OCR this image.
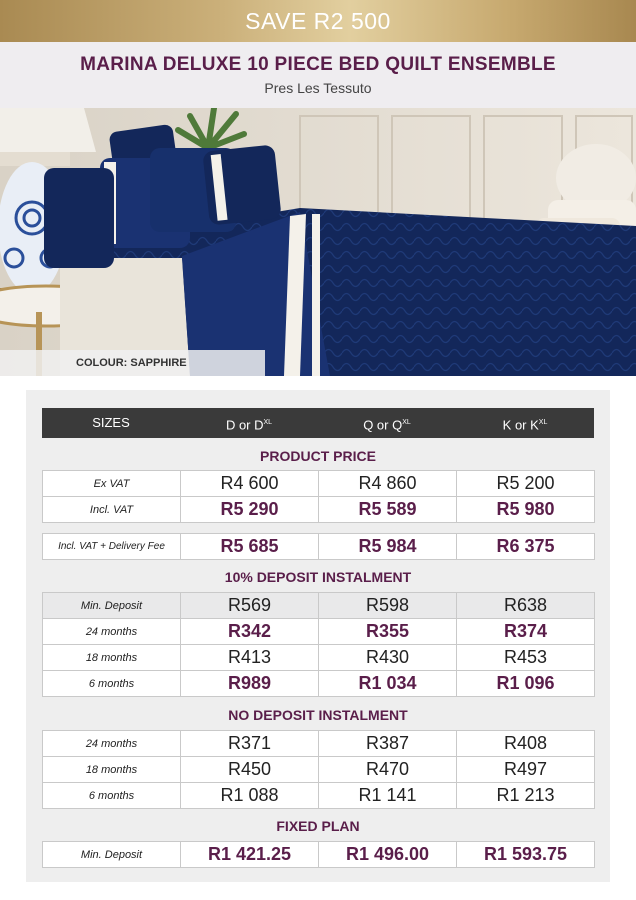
SAVE R2 500
MARINA DELUXE 10 PIECE BED QUILT ENSEMBLE
Pres Les Tessuto
COLOUR: SAPPHIRE
SIZES	D or $D^{XL}$	Q or $Q^{XL}$	K or $K^{XL}$
PRODUCT PRICE
Ex VAT	R4 600	R4 860	R5 200
Incl. VAT	R5 290	R5 589	R5 980
Incl. VAT + Delivery Fee	R5 685	R5 984	R6 375
10% DEPOSIT INSTALMENT
Min. Deposit	R569	R598	R638
24 months	R342	R355	R374
18 months	R413	R430	R453
6 months	R989	R1 034	R1 096
NO DEPOSIT INSTALMENT
24 months	R371	R387	R408
18 months	R450	R470	R497
6 months	R1 088	R1 141	R1 213
FIXED PLAN
Min. Deposit	R1 421.25	R1 496.00	R1 593.75
